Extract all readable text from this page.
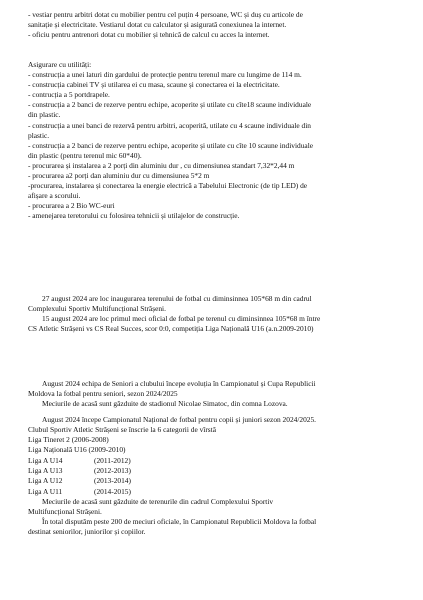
- vestiar pentru arbitri dotat cu mobilier pentru cel puțin 4 persoane, WC și duș cu articole de
sanitație și electricitate. Vestiarul dotat cu calculator și asigurată conexiunea la internet.
- oficiu pentru antrenori dotat cu mobilier și tehnică de calcul cu acces la internet.
Asigurare cu utilități:
- construcția a unei laturi din gardului de protecție pentru terenul mare cu lungime de 114 m.
- construcția cabinei TV și utilarea ei cu masa, scaune și conectarea ei la electricitate.
- contrucția a 5 portdrapele.
- construcția a 2 banci de rezerve pentru echipe, acoperite și utilate cu cîte18 scaune individuale
din plastic.
- construcția a unei banci de rezervă pentru arbitri, acoperită, utilate cu 4 scaune individuale din
plastic.
- construcția a 2 banci de rezerve pentru echipe, acoperite și utilate cu cîte 10 scaune individuale
din plastic (pentru terenul mic 60*40).
- procurarea și instalarea a 2 porți din aluminiu dur , cu dimensiunea standart 7,32*2,44 m
- procurarea a2 porți dan aluminiu dur cu dimensiunea 5*2 m
-procurarea, instalarea și conectarea la energie electrică a Tabelului Electronic (de tip LED) de
afișare a scorului.
- procurarea a 2 Bio WC-euri
- amenejarea teretorului cu folosirea tehnicii și utilajelor de construcție.
27 august 2024 are loc inaugurarea terenului de fotbal cu diminsinnea 105*68 m din cadrul
Complexului Sportiv Multifuncțional Strășeni.
15 august 2024 are loc primul meci oficial de fotbal pe terenul cu diminsinnea 105*68 m între
CS Atletic Strășeni vs CS Real Succes, scor 0:0, competiția Liga Națională U16 (a.n.2009-2010)
August 2024 echipa de Seniori a clubului începe evoluția în Campionatul și Cupa Republicii
Moldova la fotbal pentru seniori, sezon 2024/2025
Meciurile de acasă sunt găzduite de stadionul Nicolae Simatoc, din comna Lozova.
August 2024 începe Campionatul Național de fotbal pentru copii și juniori sezon 2024/2025.
Clubul Sportiv Atletic Strășeni se înscrie la 6 categorii de vîrstă
Liga Tineret 2 (2006-2008)
Liga Națională U16 (2009-2010)
Liga A U14	(2011-2012)
Liga A U13	(2012-2013)
Liga A U12	(2013-2014)
Liga A U11	(2014-2015)
Meciurile de acasă sunt găzduite de terenurile din cadrul Complexului Sportiv
Multifuncțional Strășeni.
În total disputăm peste 200 de meciuri oficiale, în Campionatul Republicii Moldova la fotbal
destinat seniorilor, juniorilor și copiilor.
